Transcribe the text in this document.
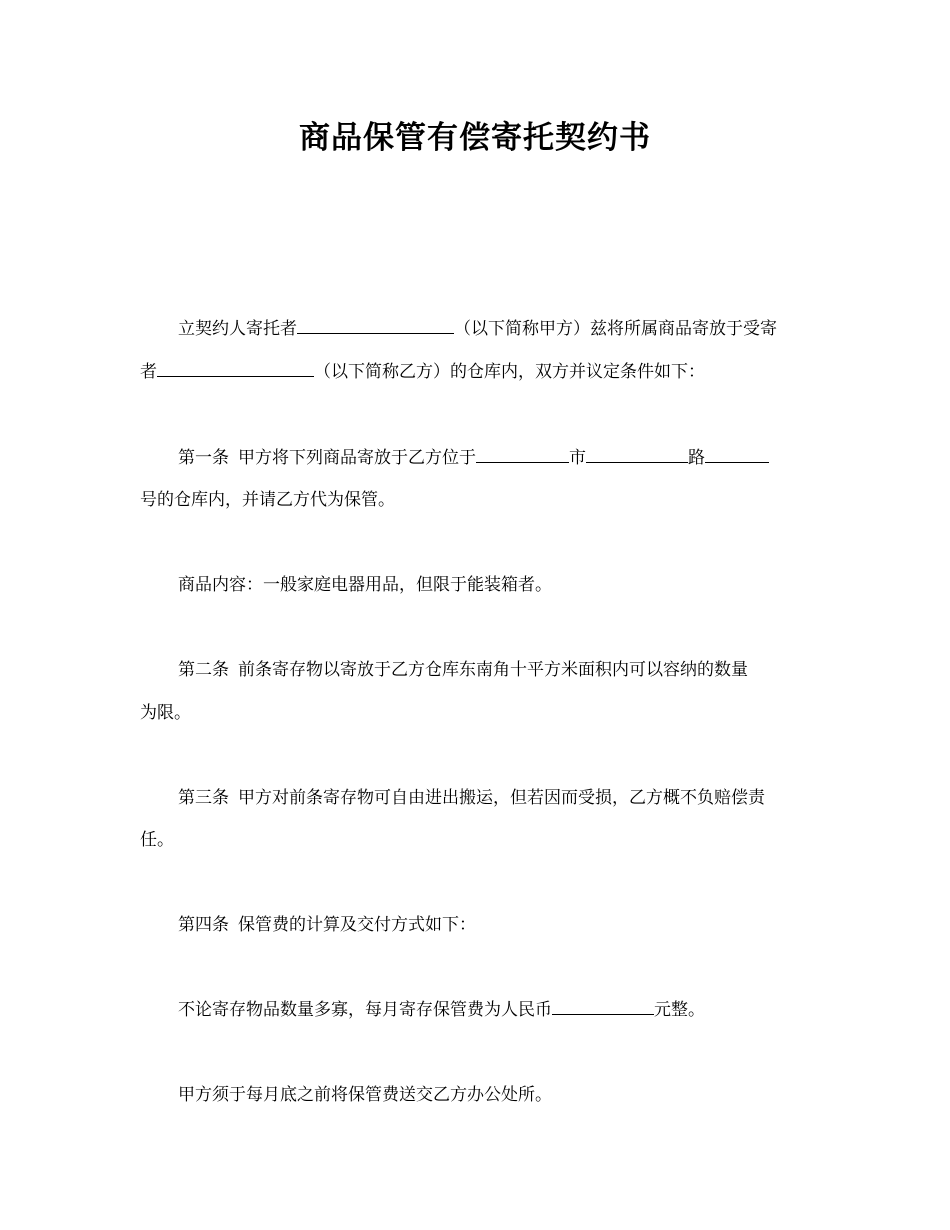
商品保管有偿寄托契约书
立契约人寄托者	（以下简称甲方）兹将所属商品寄放于受寄
者	（以下简称乙方）的仓库内，双方并议定条件如下：
第一条 甲方将下列商品寄放于乙方位于	市	路
号的仓库内，并请乙方代为保管。
商品内容：一般家庭电器用品，但限于能装箱者。
第二条 前条寄存物以寄放于乙方仓库东南角十平方米面积内可以容纳的数量
为限。
第三条 甲方对前条寄存物可自由进出搬运，但若因而受损，乙方概不负赔偿责
任。
第四条 保管费的计算及交付方式如下：
不论寄存物品数量多寡，每月寄存保管费为人民币	元整。
甲方须于每月底之前将保管费送交乙方办公处所。
